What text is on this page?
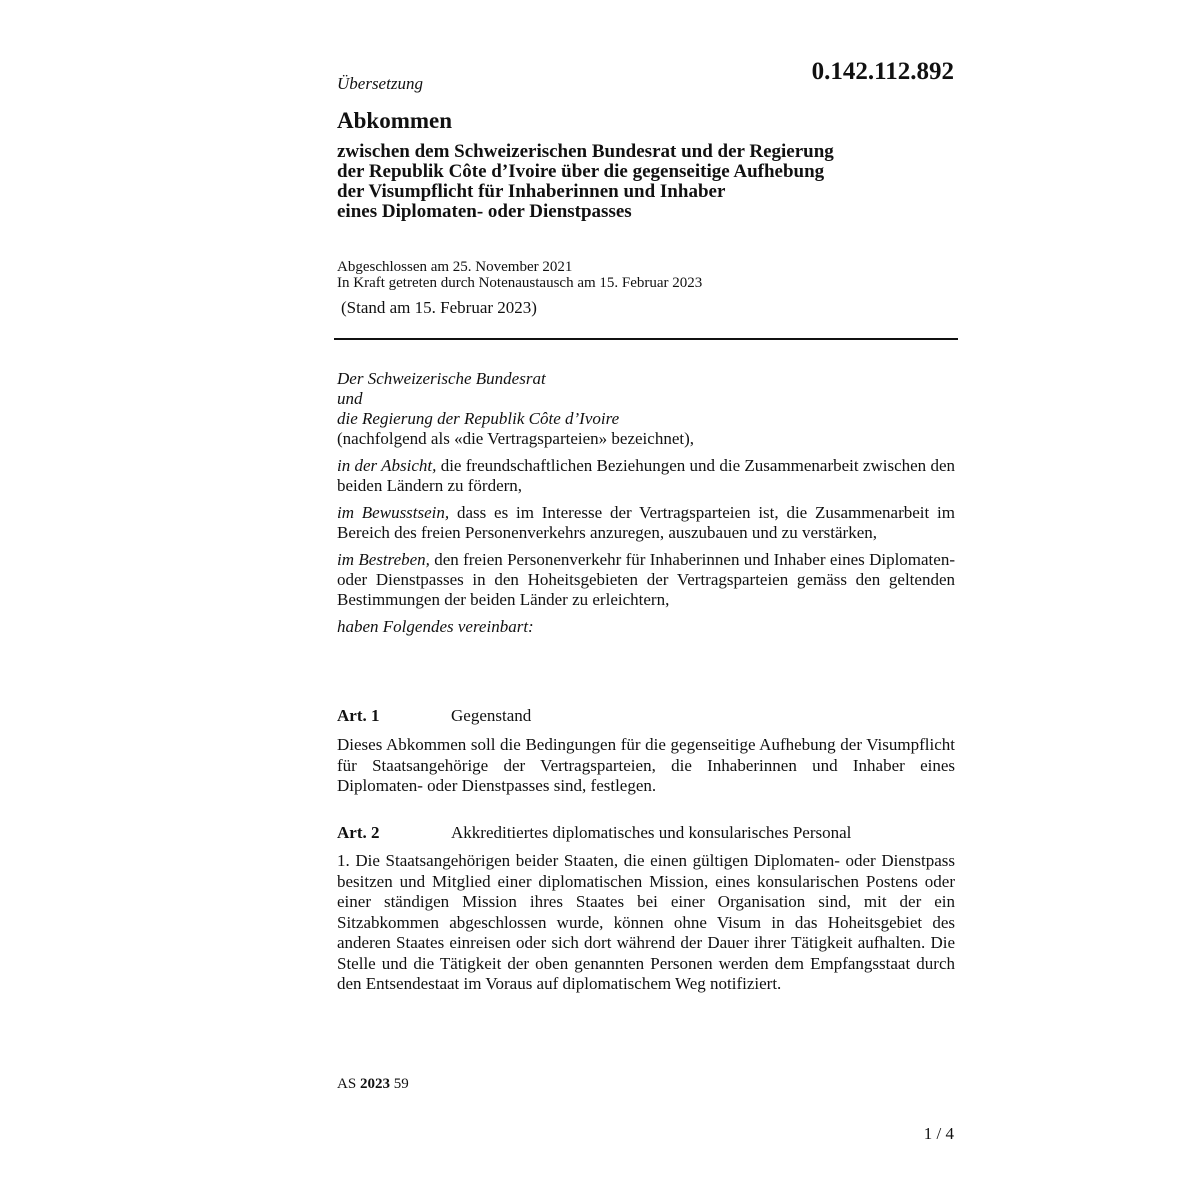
Übersetzung	0.142.112.892
Abkommen
zwischen dem Schweizerischen Bundesrat und der Regierung
der Republik Côte d’Ivoire über die gegenseitige Aufhebung
der Visumpflicht für Inhaberinnen und Inhaber
eines Diplomaten- oder Dienstpasses
Abgeschlossen am 25. November 2021
In Kraft getreten durch Notenaustausch am 15. Februar 2023
(Stand am 15. Februar 2023)

Der Schweizerische Bundesrat
und
die Regierung der Republik Côte d’Ivoire
(nachfolgend als «die Vertragsparteien» bezeichnet),

in der Absicht, die freundschaftlichen Beziehungen und die Zusammenarbeit zwischen den beiden Ländern zu fördern,

im Bewusstsein, dass es im Interesse der Vertragsparteien ist, die Zusammenarbeit im Bereich des freien Personenverkehrs anzuregen, auszubauen und zu verstärken,

im Bestreben, den freien Personenverkehr für Inhaberinnen und Inhaber eines Diplomaten- oder Dienstpasses in den Hoheitsgebieten der Vertragsparteien gemäss den geltenden Bestimmungen der beiden Länder zu erleichtern,

haben Folgendes vereinbart:

Art. 1	Gegenstand
Dieses Abkommen soll die Bedingungen für die gegenseitige Aufhebung der Visumpflicht für Staatsangehörige der Vertragsparteien, die Inhaberinnen und Inhaber eines Diplomaten- oder Dienstpasses sind, festlegen.
Art. 2	Akkreditiertes diplomatisches und konsularisches Personal
1. Die Staatsangehörigen beider Staaten, die einen gültigen Diplomaten- oder Dienstpass besitzen und Mitglied einer diplomatischen Mission, eines konsularischen Postens oder einer ständigen Mission ihres Staates bei einer Organisation sind, mit der ein Sitzabkommen abgeschlossen wurde, können ohne Visum in das Hoheitsgebiet des anderen Staates einreisen oder sich dort während der Dauer ihrer Tätigkeit aufhalten. Die Stelle und die Tätigkeit der oben genannten Personen werden dem Empfangsstaat durch den Entsendestaat im Voraus auf diplomatischem Weg notifiziert.
AS 2023 59
1 / 4
